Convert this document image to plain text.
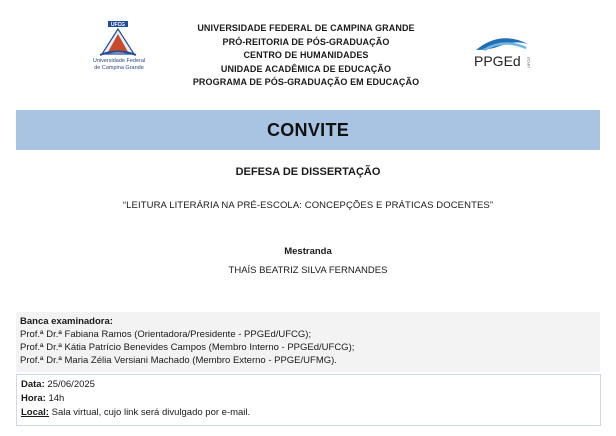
UFCG
Universidade Federal
de Campina Grande
UNIVERSIDADE FEDERAL DE CAMPINA GRANDE
PRÓ-REITORIA DE PÓS-GRADUAÇÃO
CENTRO DE HUMANIDADES
UNIDADE ACADÊMICA DE EDUCAÇÃO
PROGRAMA DE PÓS-GRADUAÇÃO EM EDUCAÇÃO
PPGEd UFCG
CONVITE
DEFESA DE DISSERTAÇÃO
“LEITURA LITERÁRIA NA PRÉ-ESCOLA: CONCEPÇÕES E PRÁTICAS DOCENTES”
Mestranda
THAÍS BEATRIZ SILVA FERNANDES
Banca examinadora:
Prof.ª Dr.ª Fabiana Ramos (Orientadora/Presidente - PPGEd/UFCG);
Prof.ª Dr.ª Kátia Patrício Benevides Campos (Membro Interno - PPGEd/UFCG);
Prof.ª Dr.ª Maria Zélia Versiani Machado (Membro Externo - PPGE/UFMG).
Data: 25/06/2025
Hora: 14h
Local: Sala virtual, cujo link será divulgado por e-mail.
